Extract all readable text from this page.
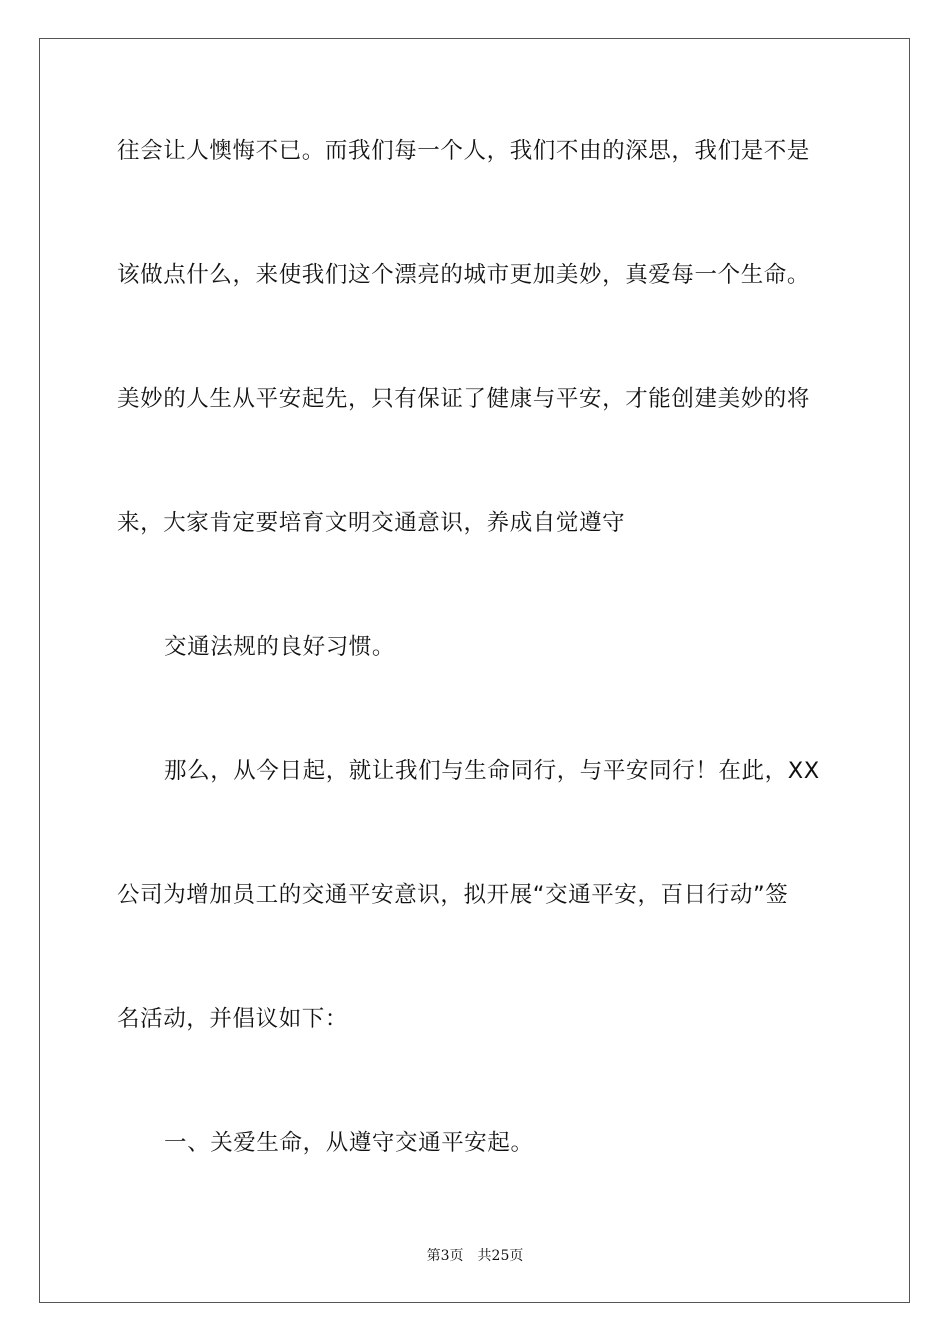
往会让人懊悔不已。而我们每一个人，我们不由的深思，我们是不是
该做点什么，来使我们这个漂亮的城市更加美妙，真爱每一个生命。
美妙的人生从平安起先，只有保证了健康与平安，才能创建美妙的将
来，大家肯定要培育文明交通意识，养成自觉遵守
交通法规的良好习惯。
那么，从今日起，就让我们与生命同行，与平安同行！在此，XX
公司为增加员工的交通平安意识，拟开展“交通平安，百日行动”签
名活动，并倡议如下：
一、关爱生命，从遵守交通平安起。
第3页 共25页
